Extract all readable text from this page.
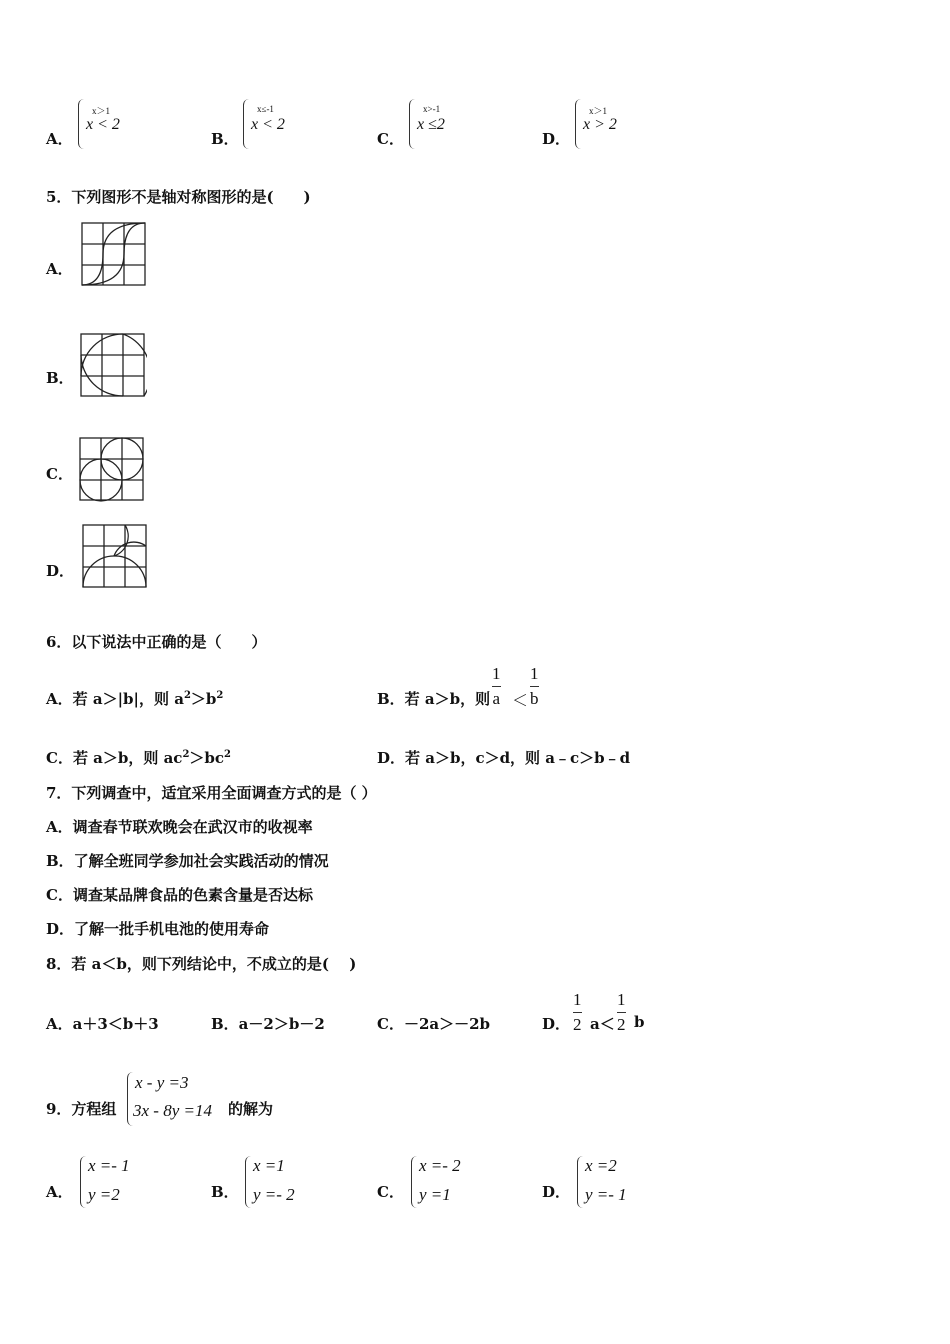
A．
x＞1
x < 2
B．
x≤-1
x < 2
C．
x>-1
x ≤2
D．
x＞1
x > 2
5．下列图形不是轴对称图形的是(　　)
A．
B．
C．
D．
6．以下说法中正确的是（　　）
A．若 a＞|b|，则 $a^2>b^2$	B．若 a＞b，则 $\frac{1}{a} < \frac{1}{b}$
C．若 a＞b，则 $ac^2>bc^2$	D．若 a＞b，c＞d，则 a﹣c＞b﹣d
7．下列调查中，适宜采用全面调查方式的是（ ）
A．调查春节联欢晚会在武汉市的收视率
B．了解全班同学参加社会实践活动的情况
C．调查某品牌食品的色素含量是否达标
D．了解一批手机电池的使用寿命
8．若 a＜b，则下列结论中，不成立的是(　 )
A．a＋3＜b＋3	B．a－2＞b－2	C．－2a＞－2b	D． $\frac{1}{2} a< \frac{1}{2}$ b
9．方程组
x - y =3
3x - 8y =14 的解为
A．
x =- 1
y =2	B．
x =1
y =- 2	C．
x =- 2
y =1	D．
x =2
y =- 1
